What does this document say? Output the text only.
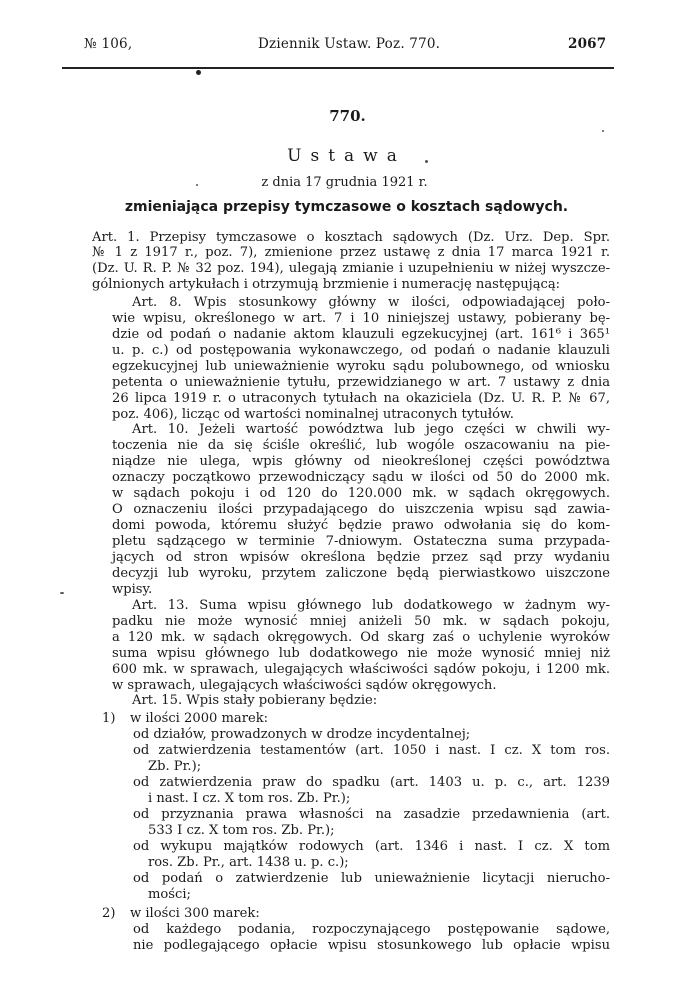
№ 106,	Dziennik Ustaw. Poz. 770.	2067
770.
Ustawa
z dnia 17 grudnia 1921 r.
zmieniająca przepisy tymczasowe o kosztach sądowych.
Art. 1. Przepisy tymczasowe o kosztach sądowych (Dz. Urz. Dep. Spr.
№ 1 z 1917 r., poz. 7), zmienione przez ustawę z dnia 17 marca 1921 r.
(Dz. U. R. P. № 32 poz. 194), ulegają zmianie i uzupełnieniu w niżej wyszcze-
gólnionych artykułach i otrzymują brzmienie i numerację następującą:
Art. 8. Wpis stosunkowy główny w ilości, odpowiadającej poło-
wie wpisu, określonego w art. 7 i 10 niniejszej ustawy, pobierany bę-
dzie od podań o nadanie aktom klauzuli egzekucyjnej (art. 161⁶ i 365¹
u. p. c.) od postępowania wykonawczego, od podań o nadanie klauzuli
egzekucyjnej lub unieważnienie wyroku sądu polubownego, od wniosku
petenta o unieważnienie tytułu, przewidzianego w art. 7 ustawy z dnia
26 lipca 1919 r. o utraconych tytułach na okaziciela (Dz. U. R. P. № 67,
poz. 406), licząc od wartości nominalnej utraconych tytułów.
Art. 10. Jeżeli wartość powództwa lub jego części w chwili wy-
toczenia nie da się ściśle określić, lub wogóle oszacowaniu na pie-
niądze nie ulega, wpis główny od nieokreślonej części powództwa
oznaczy początkowo przewodniczący sądu w ilości od 50 do 2000 mk.
w sądach pokoju i od 120 do 120.000 mk. w sądach okręgowych.
O oznaczeniu ilości przypadającego do uiszczenia wpisu sąd zawia-
domi powoda, któremu służyć będzie prawo odwołania się do kom-
pletu sądzącego w terminie 7-dniowym. Ostateczna suma przypada-
jących od stron wpisów określona będzie przez sąd przy wydaniu
decyzji lub wyroku, przytem zaliczone będą pierwiastkowo uiszczone
wpisy.
Art. 13. Suma wpisu głównego lub dodatkowego w żadnym wy-
padku nie może wynosić mniej aniżeli 50 mk. w sądach pokoju,
a 120 mk. w sądach okręgowych. Od skarg zaś o uchylenie wyroków
suma wpisu głównego lub dodatkowego nie może wynosić mniej niż
600 mk. w sprawach, ulegających właściwości sądów pokoju, i 1200 mk.
w sprawach, ulegających właściwości sądów okręgowych.
Art. 15. Wpis stały pobierany będzie:
1) w ilości 2000 marek:
od działów, prowadzonych w drodze incydentalnej;
od zatwierdzenia testamentów (art. 1050 i nast. I cz. X tom ros.
Zb. Pr.);
od zatwierdzenia praw do spadku (art. 1403 u. p. c., art. 1239
i nast. I cz. X tom ros. Zb. Pr.);
od przyznania prawa własności na zasadzie przedawnienia (art.
533 I cz. X tom ros. Zb. Pr.);
od wykupu majątków rodowych (art. 1346 i nast. I cz. X tom
ros. Zb. Pr., art. 1438 u. p. c.);
od podań o zatwierdzenie lub unieważnienie licytacji nierucho-
mości;
2) w ilości 300 marek:
od każdego podania, rozpoczynającego postępowanie sądowe,
nie podlegającego opłacie wpisu stosunkowego lub opłacie wpisu
